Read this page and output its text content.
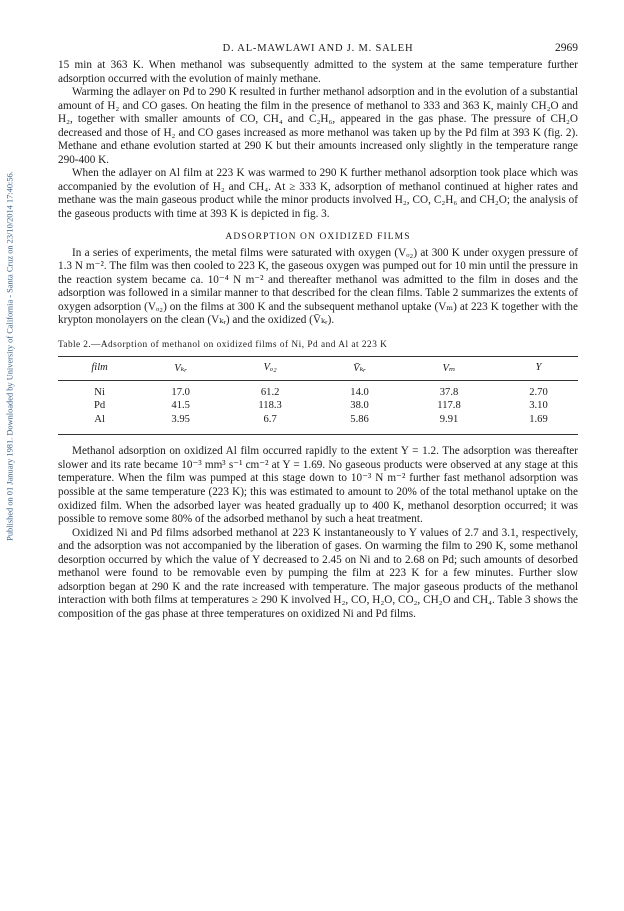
Published on 01 January 1981. Downloaded by University of California - Santa Cruz on 23/10/2014 17:40:56.
D. AL-MAWLAWI AND J. M. SALEH	2969

15 min at 363 K. When methanol was subsequently admitted to the system at the same temperature further adsorption occurred with the evolution of mainly methane.

Warming the adlayer on Pd to 290 K resulted in further methanol adsorption and in the evolution of a substantial amount of H₂ and CO gases. On heating the film in the presence of methanol to 333 and 363 K, mainly CH₂O and H₂, together with smaller amounts of CO, CH₄ and C₂H₆, appeared in the gas phase. The pressure of CH₂O decreased and those of H₂ and CO gases increased as more methanol was taken up by the Pd film at 393 K (fig. 2). Methane and ethane evolution started at 290 K but their amounts increased only slightly in the temperature range 290-400 K.

When the adlayer on Al film at 223 K was warmed to 290 K further methanol adsorption took place which was accompanied by the evolution of H₂ and CH₄. At ≥ 333 K, adsorption of methanol continued at higher rates and methane was the main gaseous product while the minor products involved H₂, CO, C₂H₆ and CH₂O; the analysis of the gaseous products with time at 393 K is depicted in fig. 3.

ADSORPTION ON OXIDIZED FILMS

In a series of experiments, the metal films were saturated with oxygen (Vₒ₂) at 300 K under oxygen pressure of 1.3 N m⁻². The film was then cooled to 223 K, the gaseous oxygen was pumped out for 10 min until the pressure in the reaction system became ca. 10⁻⁴ N m⁻² and thereafter methanol was admitted to the film in doses and the adsorption was followed in a similar manner to that described for the clean films. Table 2 summarizes the extents of oxygen adsorption (Vₒ₂) on the films at 300 K and the subsequent methanol uptake (Vₘ) at 223 K together with the krypton monolayers on the clean (Vₖᵣ) and the oxidized (V̄ₖᵣ).

Table 2.—Adsorption of methanol on oxidized films of Ni, Pd and Al at 223 K
film	Vₖᵣ	Vₒ₂	V̄ₖᵣ	Vₘ	Y
Ni	17.0	61.2	14.0	37.8	2.70
Pd	41.5	118.3	38.0	117.8	3.10
Al	3.95	6.7	5.86	9.91	1.69

Methanol adsorption on oxidized Al film occurred rapidly to the extent Y = 1.2. The adsorption was thereafter slower and its rate became 10⁻³ mm³ s⁻¹ cm⁻² at Y = 1.69. No gaseous products were observed at any stage at this temperature. When the film was pumped at this stage down to 10⁻³ N m⁻² further fast methanol adsorption was possible at the same temperature (223 K); this was estimated to amount to 20% of the total methanol uptake on the oxidized film. When the adsorbed layer was heated gradually up to 400 K, methanol desorption occurred; it was possible to remove some 80% of the adsorbed methanol by such a heat treatment.

Oxidized Ni and Pd films adsorbed methanol at 223 K instantaneously to Y values of 2.7 and 3.1, respectively, and the adsorption was not accompanied by the liberation of gases. On warming the film to 290 K, some methanol desorption occurred by which the value of Y decreased to 2.45 on Ni and to 2.68 on Pd; such amounts of desorbed methanol were found to be removable even by pumping the film at 223 K for a few minutes. Further slow adsorption began at 290 K and the rate increased with temperature. The major gaseous products of the methanol interaction with both films at temperatures ≥ 290 K involved H₂, CO, H₂O, CO₂, CH₂O and CH₄. Table 3 shows the composition of the gas phase at three temperatures on oxidized Ni and Pd films.
